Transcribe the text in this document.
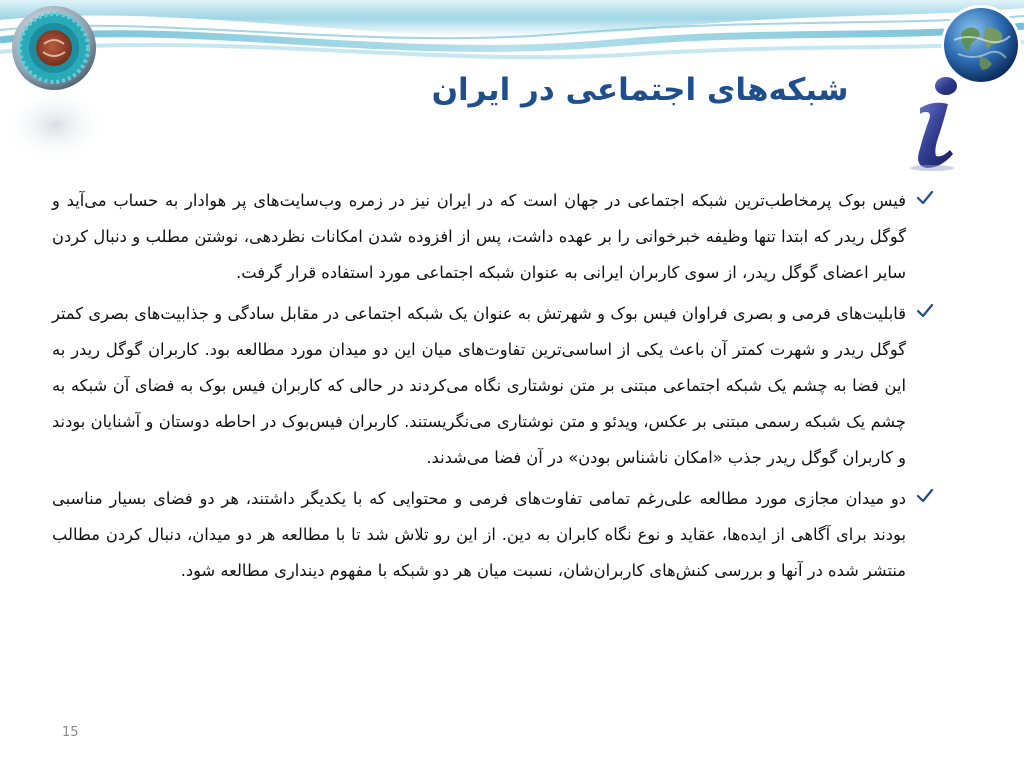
شبکه‌های اجتماعی در ایران
فیس بوک پرمخاطب‌ترین شبکه اجتماعی در جهان است که در ایران نیز در زمره وب‌سایت‌های پر هوادار به حساب می‌آید و گوگل ریدر که ابتدا تنها وظیفه خبرخوانی را بر عهده داشت، پس از افزوده شدن امکانات نظردهی، نوشتن مطلب و دنبال کردن سایر اعضای گوگل ریدر، از سوی کاربران ایرانی به عنوان شبکه اجتماعی مورد استفاده قرار گرفت.
قابلیت‌های فرمی و بصری فراوان فیس بوک و شهرتش به عنوان یک شبکه اجتماعی در مقابل سادگی و جذابیت‌های بصری کمتر گوگل ریدر و شهرت کمتر آن باعث یکی از اساسی‌ترین تفاوت‌های میان این دو میدان مورد مطالعه بود. کاربران گوگل ریدر به این فضا به چشم یک شبکه اجتماعی مبتنی بر متن نوشتاری نگاه می‌کردند در حالی که کاربران فیس بوک به فضای آن شبکه به چشم یک شبکه رسمی مبتنی بر عکس، ویدئو و متن نوشتاری می‌نگریستند. کاربران فیس‌بوک در احاطه دوستان و آشنایان بودند و کاربران گوگل ریدر جذب «امکان ناشناس بودن» در آن فضا می‌شدند.
دو میدان مجازی مورد مطالعه علی‌رغم تمامی تفاوت‌های فرمی و محتوایی که با یکدیگر داشتند، هر دو فضای بسیار مناسبی بودند برای آگاهی از ایده‌ها، عقاید و نوع نگاه کابران به دین. از این رو تلاش شد تا با مطالعه هر دو میدان، دنبال کردن مطالب منتشر شده در آنها و بررسی کنش‌های کاربران‌شان، نسبت میان هر دو شبکه با مفهوم دینداری مطالعه شود.
15
